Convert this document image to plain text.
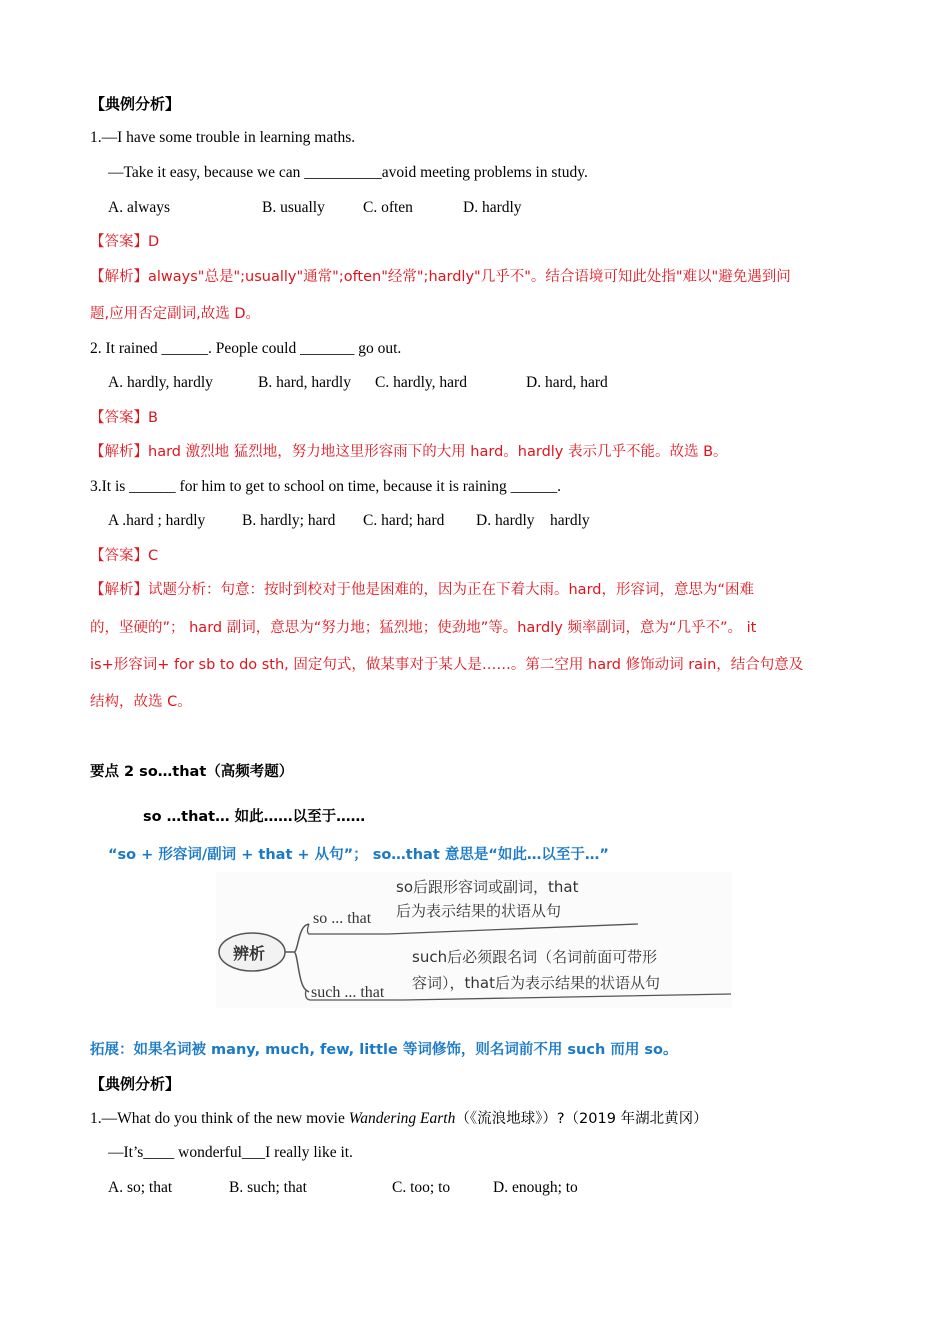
【典例分析】
1.—I have some trouble in learning maths.
—Take it easy, because we can __________avoid meeting problems in study.
A. always	B. usually C. often	D. hardly
【答案】D
【解析】always"总是";usually"通常";often"经常";hardly"几乎不"。结合语境可知此处指"难以"避免遇到问
题,应用否定副词,故选 D。
2. It rained ______. People could _______ go out.
A. hardly, hardly	B. hard, hardly C. hardly, hard	D. hard, hard
【答案】B
【解析】hard 激烈地 猛烈地，努力地这里形容雨下的大用 hard。hardly 表示几乎不能。故选 B。
3.It is ______ for him to get to school on time, because it is raining ______.
A .hard ; hardly B. hardly; hard C. hard; hard D. hardly    hardly
【答案】C
【解析】试题分析：句意：按时到校对于他是困难的，因为正在下着大雨。hard，形容词，意思为“困难
的，坚硬的”； hard 副词，意思为“努力地；猛烈地；使劲地”等。hardly 频率副词，意为“几乎不”。 it
is+形容词+ for sb to do sth, 固定句式，做某事对于某人是……。第二空用 hard 修饰动词 rain，结合句意及
结构，故选 C。
要点 2 so…that（高频考题）
so …that… 如此……以至于……
“so + 形容词/副词 + that + 从句”； so…that 意思是“如此…以至于…”
辨析
so ... that
so后跟形容词或副词，that
后为表示结果的状语从句
such ... that
such后必须跟名词（名词前面可带形
容词），that后为表示结果的状语从句
拓展：如果名词被 many, much, few, little 等词修饰，则名词前不用 such 而用 so。
【典例分析】
1.—What do you think of the new movie Wandering Earth（《流浪地球》）?（2019 年湖北黄冈）
—It’s____ wonderful___I really like it.
A. so; that	B. such; that	C. too; to	D. enough; to
